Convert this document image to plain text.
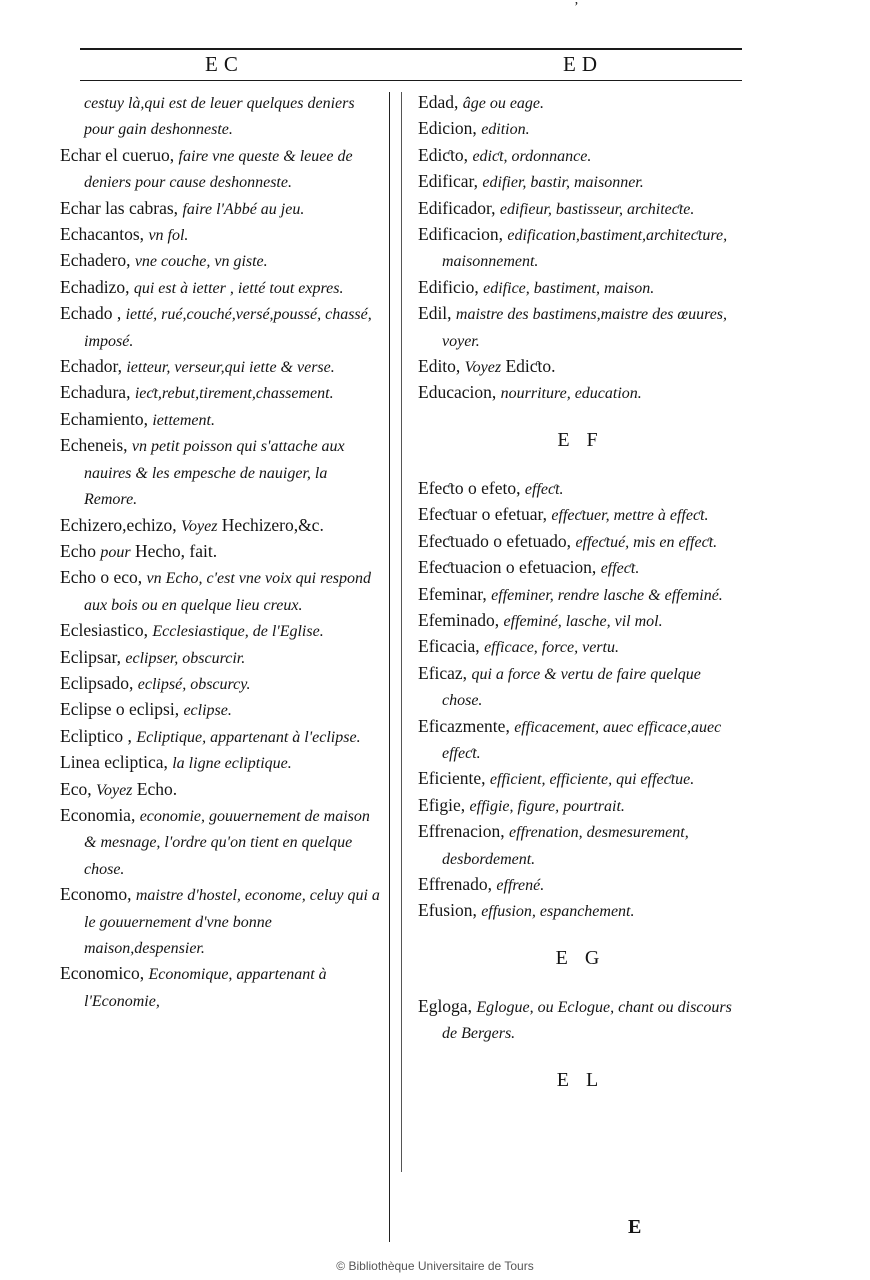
’
EC	ED
cestuy là,qui est de leuer quelques deniers pour gain deshonneste.
Echar el cueruo, faire vne queste & leuee de deniers pour cause deshonneste.
Echar las cabras, faire l'Abbé au jeu.
Echacantos, vn fol.
Echadero, vne couche, vn giste.
Echadizo, qui est à ietter , ietté tout expres.
Echado , ietté, rué,couché,versé,poussé, chassé, imposé.
Echador, ietteur, verseur,qui iette & verse.
Echadura, ieƈt,rebut,tirement,chassement.
Echamiento, iettement.
Echeneis, vn petit poisson qui s'attache aux nauires & les empesche de nauiger, la Remore.
Echizero,echizo, Voyez Hechizero,&c.
Echo pour Hecho, fait.
Echo o eco, vn Echo, c'est vne voix qui respond aux bois ou en quelque lieu creux.
Eclesiastico, Ecclesiastique, de l'Eglise.
Eclipsar, eclipser, obscurcir.
Eclipsado, eclipsé, obscurcy.
Eclipse o eclipsi, eclipse.
Ecliptico , Ecliptique, appartenant à l'eclipse.
Linea ecliptica, la ligne ecliptique.
Eco, Voyez Echo.
Economia, economie, gouuernement de maison & mesnage, l'ordre qu'on tient en quelque chose.
Economo, maistre d'hostel, econome, celuy qui a le gouuernement d'vne bonne maison,despensier.
Economico, Economique, appartenant à l'Economie,
Edad, âge ou eage.
Edicion, edition.
Ediƈto, ediƈt, ordonnance.
Edificar, edifier, bastir, maisonner.
Edificador, edifieur, bastisseur, architeƈte.
Edificacion, edification,bastiment,architeƈture, maisonnement.
Edificio, edifice, bastiment, maison.
Edil, maistre des bastimens,maistre des œuures, voyer.
Edito, Voyez Ediƈto.
Educacion, nourriture, education.
E F
Efeƈto o efeto, effeƈt.
Efeƈtuar o efetuar, effeƈtuer, mettre à effeƈt.
Efeƈtuado o efetuado, effeƈtué, mis en effeƈt.
Efeƈtuacion o efetuacion, effeƈt.
Efeminar, effeminer, rendre lasche & effeminé.
Efeminado, effeminé, lasche, vil mol.
Eficacia, efficace, force, vertu.
Eficaz, qui a force & vertu de faire quelque chose.
Eficazmente, efficacement, auec efficace,auec effeƈt.
Eficiente, efficient, efficiente, qui effeƈtue.
Efigie, effigie, figure, pourtrait.
Effrenacion, effrenation, desmesurement, desbordement.
Effrenado, effrené.
Efusion, effusion, espanchement.
E G
Egloga, Eglogue, ou Eclogue, chant ou discours de Bergers.
E L
E
© Bibliothèque Universitaire de Tours
